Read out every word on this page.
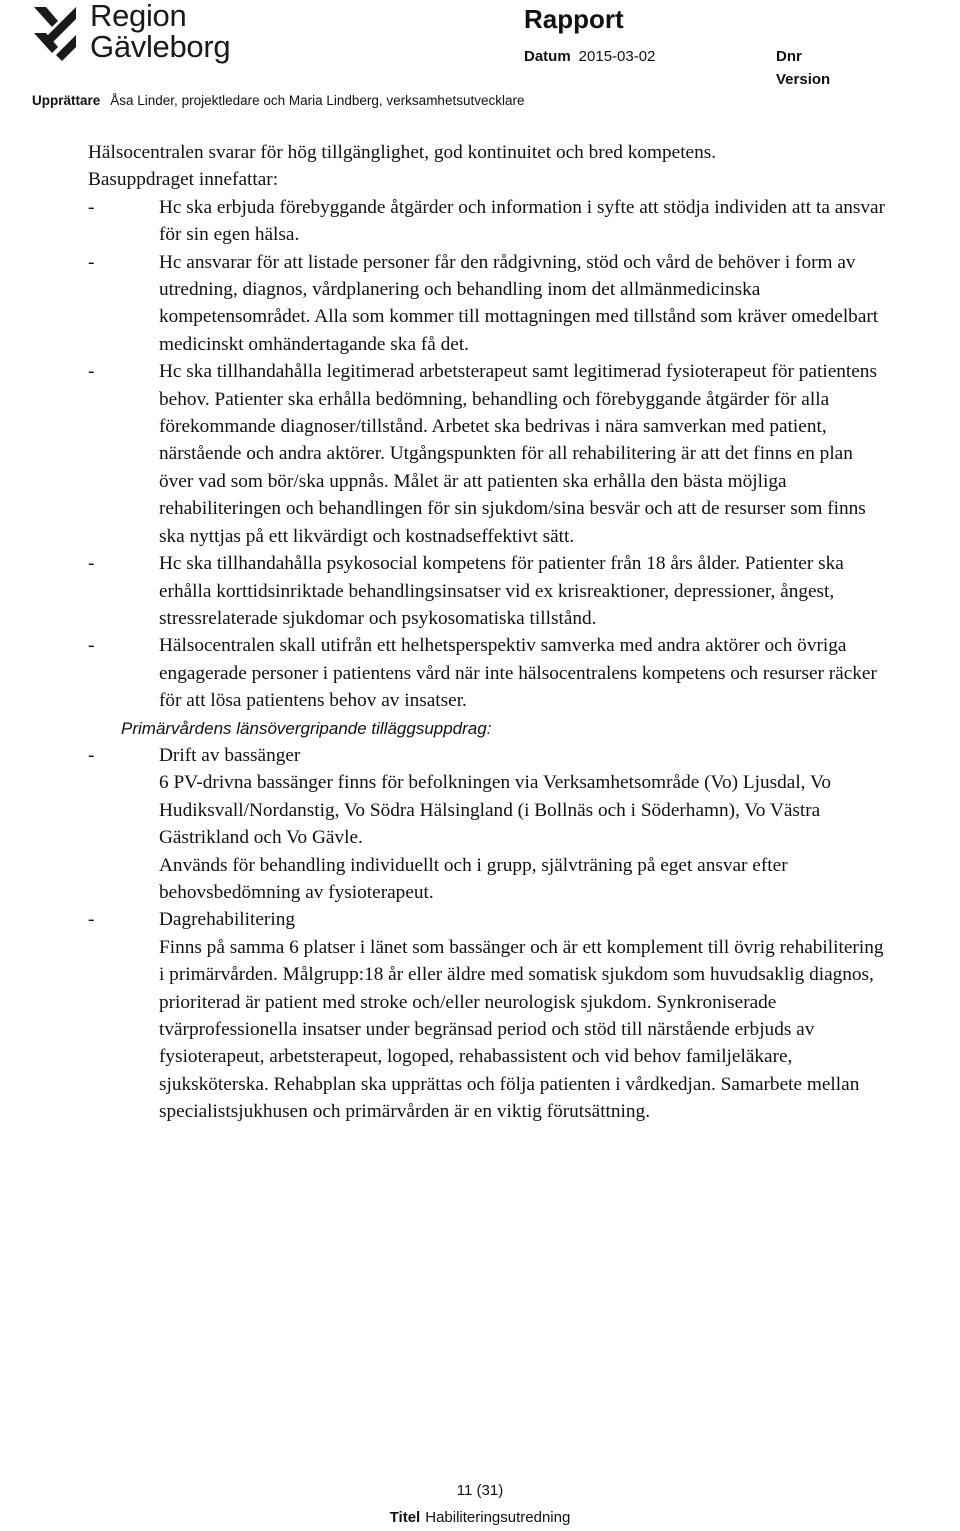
Region
Gävleborg
Rapport
Datum 2015-03-02	Dnr
Version
Upprättare Åsa Linder, projektledare och Maria Lindberg, verksamhetsutvecklare

Hälsocentralen svarar för hög tillgänglighet, god kontinuitet och bred kompetens.

Basuppdraget innefattar:

-	Hc ska erbjuda förebyggande åtgärder och information i syfte att stödja individen att ta ansvar för sin egen hälsa.
-	Hc ansvarar för att listade personer får den rådgivning, stöd och vård de behöver i form av utredning, diagnos, vårdplanering och behandling inom det allmänmedicinska kompetensområdet. Alla som kommer till mottagningen med tillstånd som kräver omedelbart medicinskt omhändertagande ska få det.
-	Hc ska tillhandahålla legitimerad arbetsterapeut samt legitimerad fysioterapeut för patientens behov. Patienter ska erhålla bedömning, behandling och förebyggande åtgärder för alla förekommande diagnoser/tillstånd. Arbetet ska bedrivas i nära samverkan med patient, närstående och andra aktörer. Utgångspunkten för all rehabilitering är att det finns en plan över vad som bör/ska uppnås. Målet är att patienten ska erhålla den bästa möjliga rehabiliteringen och behandlingen för sin sjukdom/sina besvär och att de resurser som finns ska nyttjas på ett likvärdigt och kostnadseffektivt sätt.
-	Hc ska tillhandahålla psykosocial kompetens för patienter från 18 års ålder. Patienter ska erhålla korttidsinriktade behandlingsinsatser vid ex krisreaktioner, depressioner, ångest, stressrelaterade sjukdomar och psykosomatiska tillstånd.
-	Hälsocentralen skall utifrån ett helhetsperspektiv samverka med andra aktörer och övriga engagerade personer i patientens vård när inte hälsocentralens kompetens och resurser räcker för att lösa patientens behov av insatser.
Primärvårdens länsövergripande tilläggsuppdrag:
-	Drift av bassänger
6 PV-drivna bassänger finns för befolkningen via Verksamhetsområde (Vo) Ljusdal, Vo Hudiksvall/Nordanstig, Vo Södra Hälsingland (i Bollnäs och i Söderhamn), Vo Västra Gästrikland och Vo Gävle.
Används för behandling individuellt och i grupp, självträning på eget ansvar efter behovsbedömning av fysioterapeut.
-	Dagrehabilitering
Finns på samma 6 platser i länet som bassänger och är ett komplement till övrig rehabilitering i primärvården. Målgrupp:18 år eller äldre med somatisk sjukdom som huvudsaklig diagnos, prioriterad är patient med stroke och/eller neurologisk sjukdom. Synkroniserade tvärprofessionella insatser under begränsad period och stöd till närstående erbjuds av fysioterapeut, arbetsterapeut, logoped, rehabassistent och vid behov familjeläkare, sjuksköterska. Rehabplan ska upprättas och följa patienten i vårdkedjan. Samarbete mellan specialistsjukhusen och primärvården är en viktig förutsättning.
11 (31)
Titel Habiliteringsutredning
